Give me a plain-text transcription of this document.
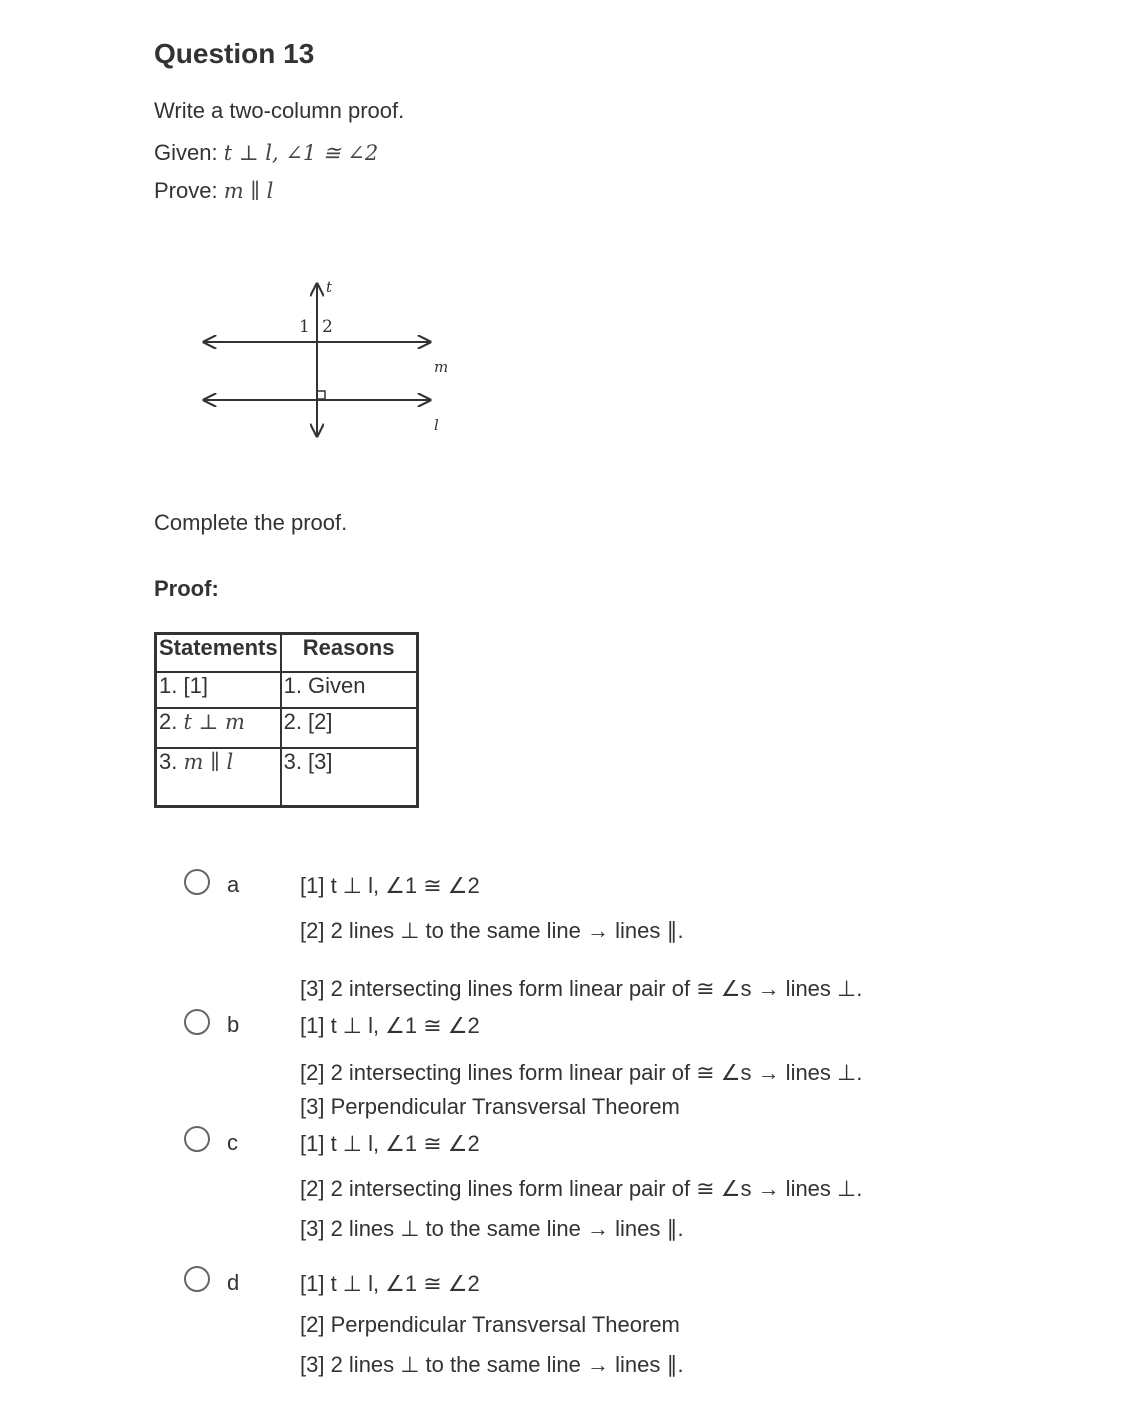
Question 13
Write a two-column proof.
Given: t ⊥ l, ∠1 ≅ ∠2
Prove: m ∥ l
t
1 2
m
l
Complete the proof.
Proof:
Statements	Reasons
1. [1]	1. Given
2. t ⊥ m	2. [2]
3. m ∥ l	3. [3]
a	[1] t ⊥ l, ∠1 ≅ ∠2
[2] 2 lines ⊥ to the same line → lines ∥.
[3] 2 intersecting lines form linear pair of ≅ ∠s → lines ⊥.
b	[1] t ⊥ l, ∠1 ≅ ∠2
[2] 2 intersecting lines form linear pair of ≅ ∠s → lines ⊥.
[3] Perpendicular Transversal Theorem
c	[1] t ⊥ l, ∠1 ≅ ∠2
[2] 2 intersecting lines form linear pair of ≅ ∠s → lines ⊥.
[3] 2 lines ⊥ to the same line → lines ∥.
d	[1] t ⊥ l, ∠1 ≅ ∠2
[2] Perpendicular Transversal Theorem
[3] 2 lines ⊥ to the same line → lines ∥.
